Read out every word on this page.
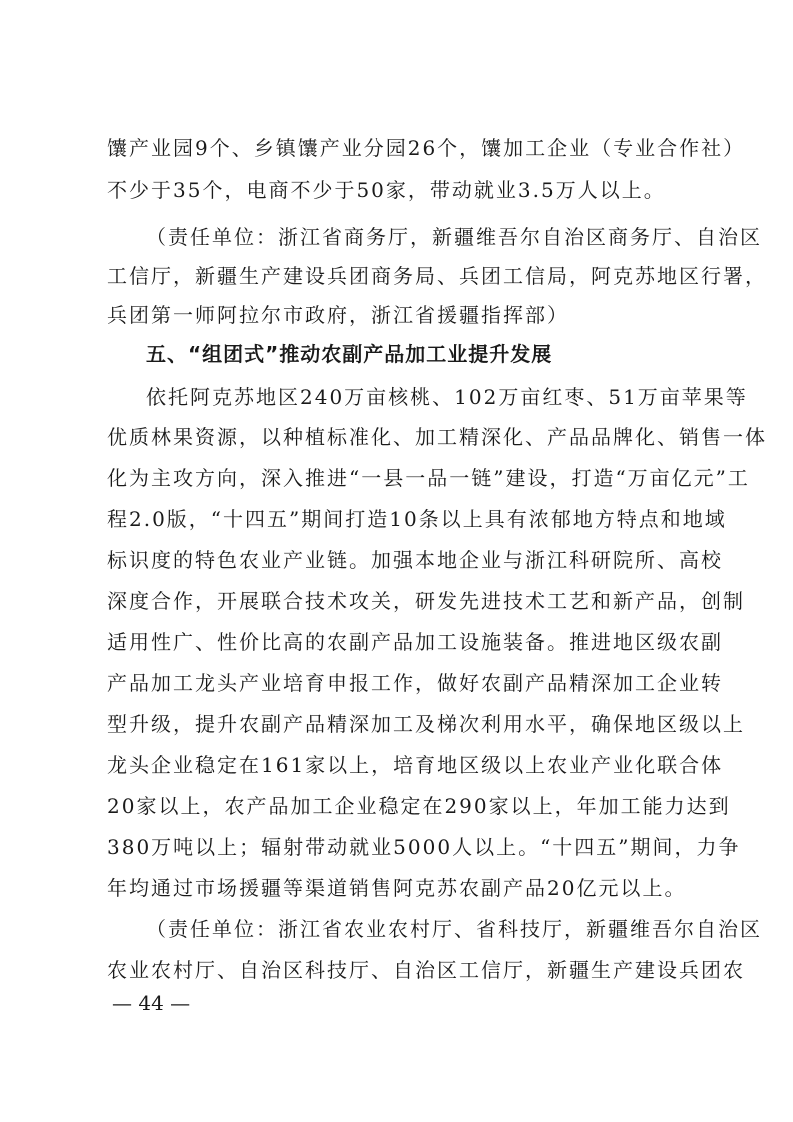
馕产业园9个、乡镇馕产业分园26个，馕加工企业（专业合作社）
不少于35个，电商不少于50家，带动就业3.5万人以上。
（责任单位：浙江省商务厅，新疆维吾尔自治区商务厅、自治区
工信厅，新疆生产建设兵团商务局、兵团工信局，阿克苏地区行署，
兵团第一师阿拉尔市政府，浙江省援疆指挥部）
五、“组团式”推动农副产品加工业提升发展
依托阿克苏地区240万亩核桃、102万亩红枣、51万亩苹果等
优质林果资源，以种植标准化、加工精深化、产品品牌化、销售一体
化为主攻方向，深入推进“一县一品一链”建设，打造“万亩亿元”工
程2.0版，“十四五”期间打造10条以上具有浓郁地方特点和地域
标识度的特色农业产业链。加强本地企业与浙江科研院所、高校
深度合作，开展联合技术攻关，研发先进技术工艺和新产品，创制
适用性广、性价比高的农副产品加工设施装备。推进地区级农副
产品加工龙头产业培育申报工作，做好农副产品精深加工企业转
型升级，提升农副产品精深加工及梯次利用水平，确保地区级以上
龙头企业稳定在161家以上，培育地区级以上农业产业化联合体
20家以上，农产品加工企业稳定在290家以上，年加工能力达到
380万吨以上；辐射带动就业5000人以上。“十四五”期间，力争
年均通过市场援疆等渠道销售阿克苏农副产品20亿元以上。
（责任单位：浙江省农业农村厅、省科技厅，新疆维吾尔自治区
农业农村厅、自治区科技厅、自治区工信厅，新疆生产建设兵团农
— 44 —
